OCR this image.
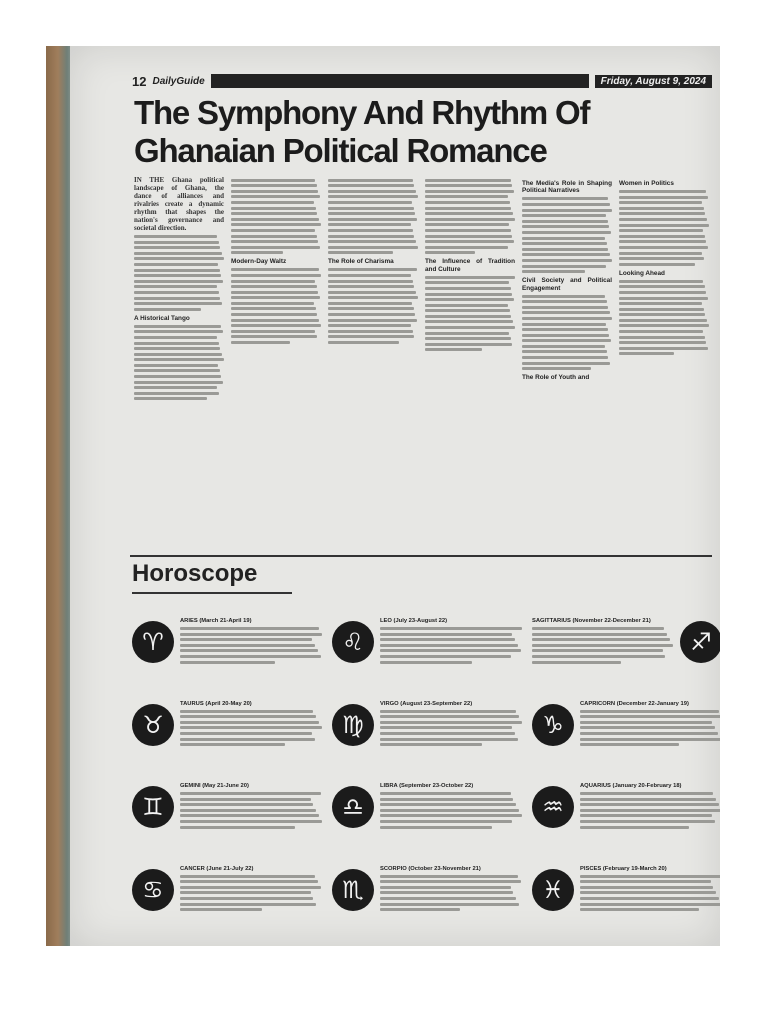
12 DailyGuide	Friday, August 9, 2024
The Symphony And Rhythm Of Ghanaian Political Romance

IN THE Ghana political landscape of Ghana, the dance of alliances and rivalries create a dynamic rhythm that shapes the nation's governance and societal direction.

A Historical Tango
Modern-Day Waltz	The Role of Charisma	The Influence of Tradition and Culture
The Media's Role in Shaping Political Narratives
Civil Society and Political Engagement
The Role of Youth and
Women in Politics
Looking Ahead
Horoscope
♈
ARIES (March 21-April 19)
♉
TAURUS (April 20-May 20)
♊
GEMINI (May 21-June 20)
♋
CANCER (June 21-July 22)
♌
LEO (July 23-August 22)
♍
VIRGO (August 23-September 22)
♎
LIBRA (September 23-October 22)
♏
SCORPIO (October 23-November 21)
SAGITTARIUS (November 22-December 21)
♐
♑
CAPRICORN (December 22-January 19)
♒
AQUARIUS (January 20-February 18)
♓
PISCES (February 19-March 20)
